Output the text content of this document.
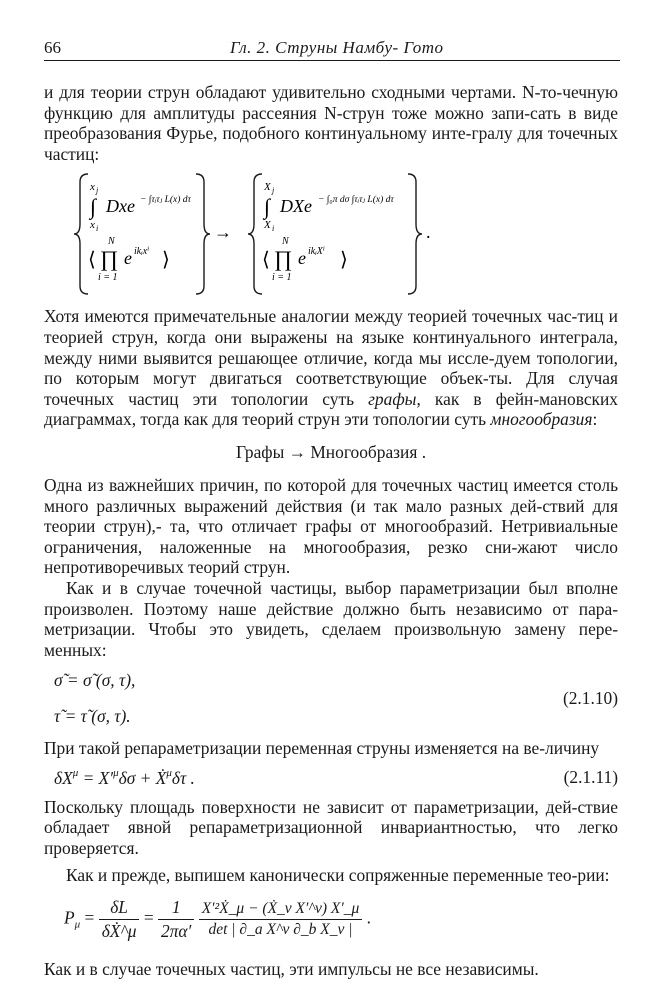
66	Гл. 2. Струны Намбу- Гото

и для теории струн обладают удивительно сходными чертами. N-то-чечную функцию для амплитуды рассеяния N-струн тоже можно запи-сать в виде преобразования Фурье, подобного континуальному инте-гралу для точечных частиц:

x j
∫
x i
Dxe − ∫τᵢτⱼ L(x) dτ
⟨
N
∏
i = 1
e ikᵢxⁱ ⟩
→
X j
∫
X i
DXe − ∫₀π dσ ∫τᵢτⱼ L(x) dτ
⟨
N
∏
i = 1
e ikᵢXⁱ ⟩
.

Хотя имеются примечательные аналогии между теорией точечных час-тиц и теорией струн, когда они выражены на языке континуального интеграла, между ними выявится решающее отличие, когда мы иссле-дуем топологии, по которым могут двигаться соответствующие объек-ты. Для случая точечных частиц эти топологии суть графы, как в фейн-мановских диаграммах, тогда как для теорий струн эти топологии суть многообразия:

Графы → Многообразия .

Одна из важнейших причин, по которой для точечных частиц имеется столь много различных выражений действия (и так мало разных дей-ствий для теории струн),- та, что отличает графы от многообразий. Нетривиальные ограничения, наложенные на многообразия, резко сни-жают число непротиворечивых теорий струн.

Как и в случае точечной частицы, выбор параметризации был вполне произволен. Поэтому наше действие должно быть независимо от пара-метризации. Чтобы это увидеть, сделаем произвольную замену пере-менных:

σ̃ = σ̃ (σ, τ),
τ̃ = τ̃ (σ, τ).
(2.1.10)

При такой репараметризации переменная струны изменяется на ве-личину

$\delta X^\mu = X'^\mu\delta\sigma$ + Ẋ$^\mu$δτ .	(2.1.11)

Поскольку площадь поверхности не зависит от параметризации, дей-ствие обладает явной репараметризационной инвариантностью, что легко проверяется.

Как и прежде, выпишем канонически сопряженные переменные тео-рии:

$P_\mu = \frac{\delta L}{\text{δẊ\textasciicircum{}μ}} = \frac{1}{2\pi\alpha'}$
$\frac{\text{X′²Ẋ\_μ − (Ẋ\_ν X′\textasciicircum{}ν) X′\_μ}}{\text{det | ∂\_a X\textasciicircum{}ν ∂\_b X\_ν |}}$ .

Как и в случае точечных частиц, эти импульсы не все независимы.
